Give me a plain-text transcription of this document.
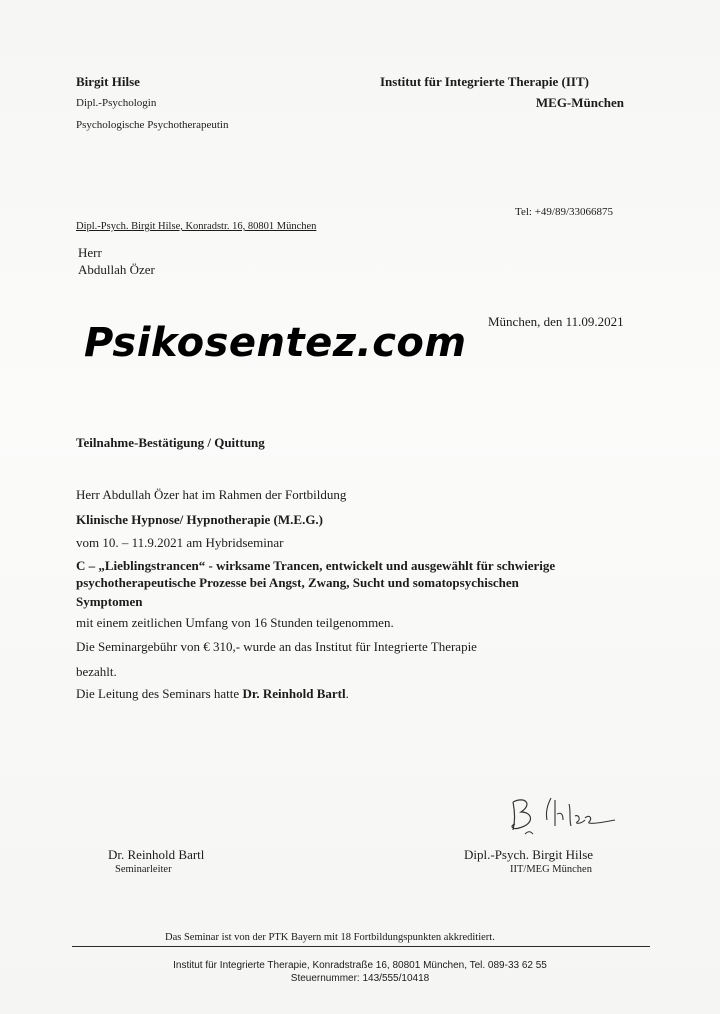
Birgit Hilse
Dipl.-Psychologin
Psychologische Psychotherapeutin
Institut für Integrierte Therapie (IIT)
MEG-München
Tel: +49/89/33066875
Dipl.-Psych. Birgit Hilse, Konradstr. 16, 80801 München
Herr
Abdullah Özer
München, den 11.09.2021
Psikosentez.com
Teilnahme-Bestätigung / Quittung
Herr Abdullah Özer hat im Rahmen der Fortbildung
Klinische Hypnose/ Hypnotherapie (M.E.G.)
vom 10. – 11.9.2021 am Hybridseminar
C – „Lieblingstrancen“ - wirksame Trancen, entwickelt und ausgewählt für schwierige
psychotherapeutische Prozesse bei Angst, Zwang, Sucht und somatopsychischen
Symptomen
mit einem zeitlichen Umfang von 16 Stunden teilgenommen.
Die Seminargebühr von € 310,- wurde an das Institut für Integrierte Therapie
bezahlt.
Die Leitung des Seminars hatte Dr. Reinhold Bartl.
Dr. Reinhold Bartl
Seminarleiter
Dipl.-Psych. Birgit Hilse
IIT/MEG München
Das Seminar ist von der PTK Bayern mit 18 Fortbildungspunkten akkreditiert.
Institut für Integrierte Therapie, Konradstraße 16, 80801 München, Tel. 089-33 62 55
Steuernummer: 143/555/10418
